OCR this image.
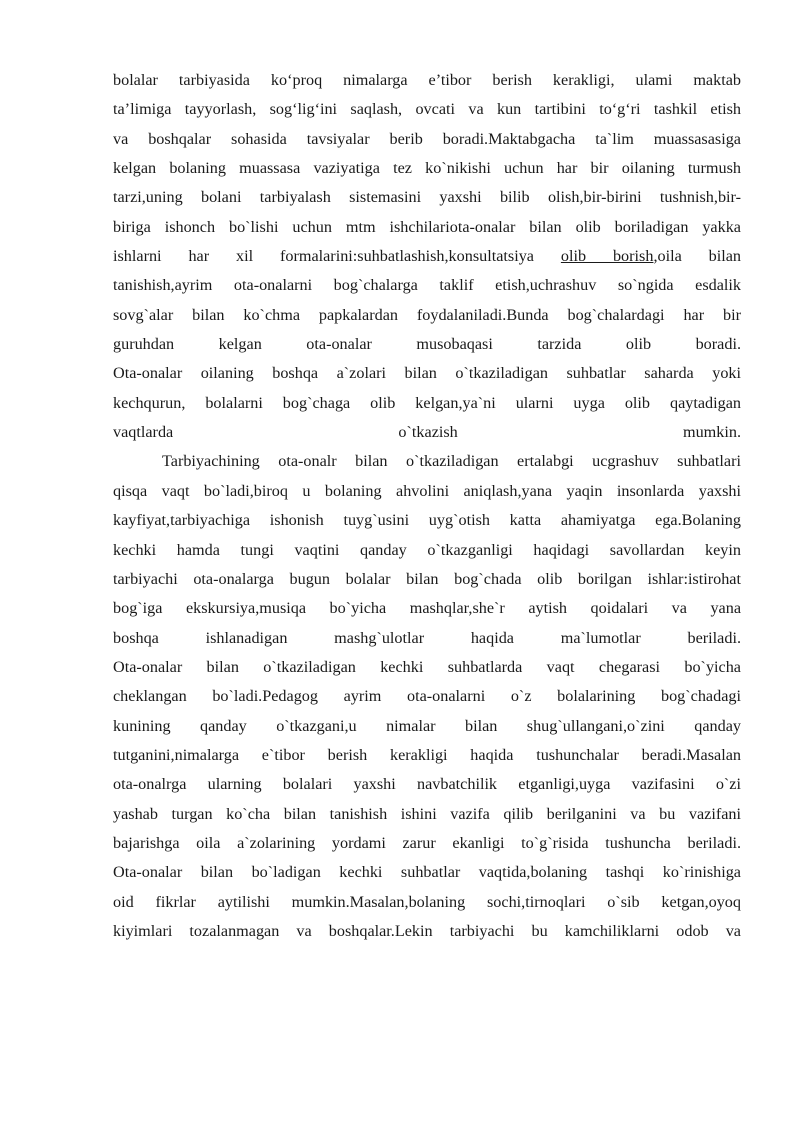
bolalar tarbiyasida ko‘proq nimalarga e’tibor berish kerakligi, ulami maktab
ta’limiga tayyorlash, sog‘lig‘ini saqlash, ovcati va kun tartibini to‘g‘ri tashkil etish
va boshqalar sohasida tavsiyalar berib boradi.Maktabgacha ta`lim muassasasiga
kelgan bolaning muassasa vaziyatiga tez ko`nikishi uchun har bir oilaning turmush
tarzi,uning bolani tarbiyalash sistemasini yaxshi bilib olish,bir-birini tushnish,bir-
biriga ishonch bo`lishi uchun mtm ishchilariota-onalar bilan olib boriladigan yakka
ishlarni har xil formalarini:suhbatlashish,konsultatsiya olib borish,oila bilan
tanishish,ayrim ota-onalarni bog`chalarga taklif etish,uchrashuv so`ngida esdalik
sovg`alar bilan ko`chma papkalardan foydalaniladi.Bunda bog`chalardagi har bir
guruhdan kelgan ota-onalar musobaqasi tarzida olib boradi.
Ota-onalar oilaning boshqa a`zolari bilan o`tkaziladigan suhbatlar saharda yoki
kechqurun, bolalarni bog`chaga olib kelgan,ya`ni ularni uyga olib qaytadigan
vaqtlarda o`tkazish mumkin.
Tarbiyachining ota-onalr bilan o`tkaziladigan ertalabgi ucgrashuv suhbatlari
qisqa vaqt bo`ladi,biroq u bolaning ahvolini aniqlash,yana yaqin insonlarda yaxshi
kayfiyat,tarbiyachiga ishonish tuyg`usini uyg`otish katta ahamiyatga ega.Bolaning
kechki hamda tungi vaqtini qanday o`tkazganligi haqidagi savollardan keyin
tarbiyachi ota-onalarga bugun bolalar bilan bog`chada olib borilgan ishlar:istirohat
bog`iga ekskursiya,musiqa bo`yicha mashqlar,she`r aytish qoidalari va yana
boshqa ishlanadigan mashg`ulotlar haqida ma`lumotlar beriladi.
Ota-onalar bilan o`tkaziladigan kechki suhbatlarda vaqt chegarasi bo`yicha
cheklangan bo`ladi.Pedagog ayrim ota-onalarni o`z bolalarining bog`chadagi
kunining qanday o`tkazgani,u nimalar bilan shug`ullangani,o`zini qanday
tutganini,nimalarga e`tibor berish kerakligi haqida tushunchalar beradi.Masalan
ota-onalrga ularning bolalari yaxshi navbatchilik etganligi,uyga vazifasini o`zi
yashab turgan ko`cha bilan tanishish ishini vazifa qilib berilganini va bu vazifani
bajarishga oila a`zolarining yordami zarur ekanligi to`g`risida tushuncha beriladi.
Ota-onalar bilan bo`ladigan kechki suhbatlar vaqtida,bolaning tashqi ko`rinishiga
oid fikrlar aytilishi mumkin.Masalan,bolaning sochi,tirnoqlari o`sib ketgan,oyoq
kiyimlari tozalanmagan va boshqalar.Lekin tarbiyachi bu kamchiliklarni odob va
